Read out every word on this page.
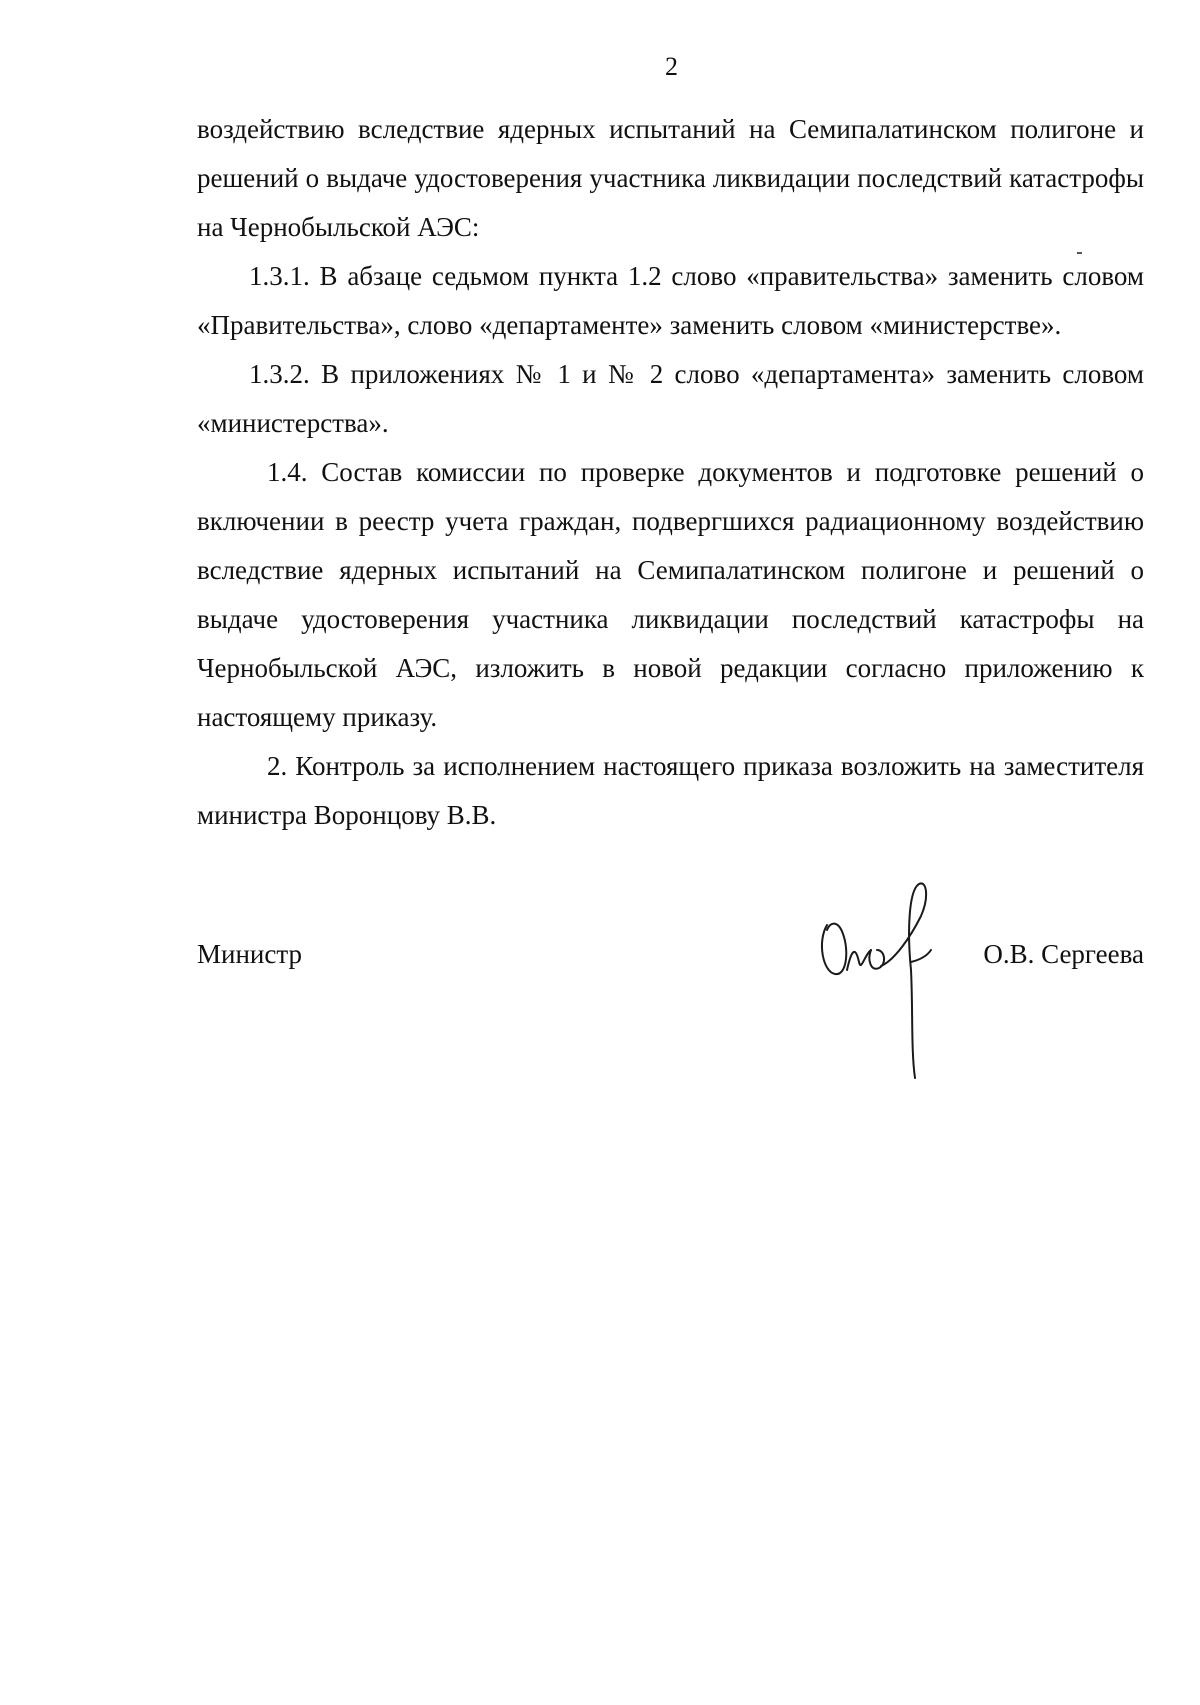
2

воздействию вследствие ядерных испытаний на Семипалатинском полигоне и решений о выдаче удостоверения участника ликвидации последствий катастрофы на Чернобыльской АЭС:

1.3.1. В абзаце седьмом пункта 1.2 слово «правительства» заменить словом «Правительства», слово «департаменте» заменить словом «министерстве».

1.3.2. В приложениях № 1 и № 2 слово «департамента» заменить словом «министерства».

1.4. Состав комиссии по проверке документов и подготовке решений о включении в реестр учета граждан, подвергшихся радиационному воздействию вследствие ядерных испытаний на Семипалатинском полигоне и решений о выдаче удостоверения участника ликвидации последствий катастрофы на Чернобыльской АЭС, изложить в новой редакции согласно приложению к настоящему приказу.

2. Контроль за исполнением настоящего приказа возложить на заместителя министра Воронцову В.В.

Министр	О.В. Сергеева
